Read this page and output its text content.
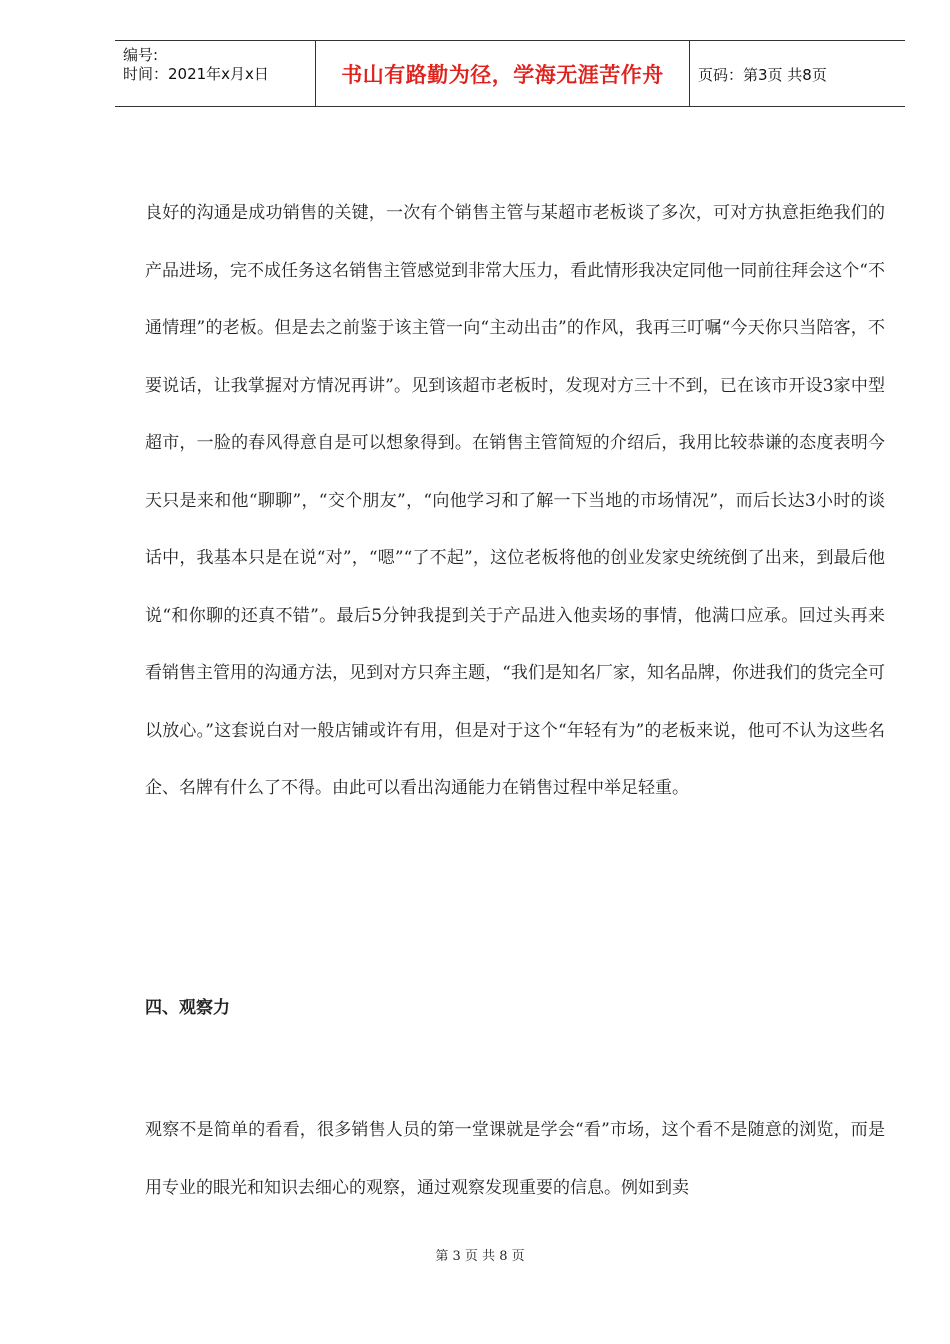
编号:
时间：2021年x月x日	书山有路勤为径，学海无涯苦作舟	页码：第3页 共8页

良好的沟通是成功销售的关键，一次有个销售主管与某超市老板谈了多次，可对方执意拒绝我们的产品进场，完不成任务这名销售主管感觉到非常大压力，看此情形我决定同他一同前往拜会这个“不通情理”的老板。但是去之前鉴于该主管一向“主动出击”的作风，我再三叮嘱“今天你只当陪客，不要说话，让我掌握对方情况再讲”。见到该超市老板时，发现对方三十不到，已在该市开设3家中型超市，一脸的春风得意自是可以想象得到。在销售主管简短的介绍后，我用比较恭谦的态度表明今天只是来和他“聊聊”，“交个朋友”，“向他学习和了解一下当地的市场情况”，而后长达3小时的谈话中，我基本只是在说“对”，“嗯”“了不起”，这位老板将他的创业发家史统统倒了出来，到最后他说“和你聊的还真不错”。最后5分钟我提到关于产品进入他卖场的事情，他满口应承。回过头再来看销售主管用的沟通方法，见到对方只奔主题，“我们是知名厂家，知名品牌，你进我们的货完全可以放心。”这套说白对一般店铺或许有用，但是对于这个“年轻有为”的老板来说，他可不认为这些名企、名牌有什么了不得。由此可以看出沟通能力在销售过程中举足轻重。

四、观察力

观察不是简单的看看，很多销售人员的第一堂课就是学会“看”市场，这个看不是随意的浏览，而是用专业的眼光和知识去细心的观察，通过观察发现重要的信息。例如到卖

第 3 页 共 8 页
